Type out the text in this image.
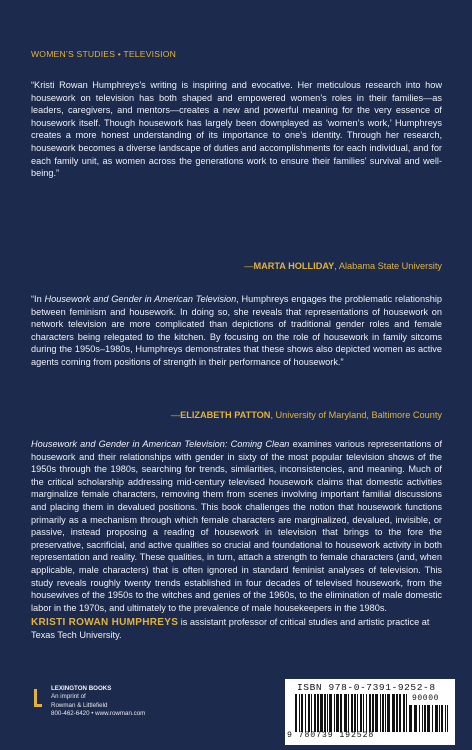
WOMEN’S STUDIES • TELEVISION

“Kristi Rowan Humphreys’s writing is inspiring and evocative. Her meticulous research into how housework on television has both shaped and empowered women’s roles in their families—as leaders, caregivers, and mentors—creates a new and powerful meaning for the very essence of housework itself. Though housework has largely been downplayed as ‘women’s work,’ Humphreys creates a more honest understanding of its importance to one’s identity. Through her research, housework becomes a diverse landscape of duties and accomplishments for each individual, and for each family unit, as women across the generations work to ensure their families’ survival and well-being.”

—MARTA HOLLIDAY, Alabama State University

“In Housework and Gender in American Television, Humphreys engages the problematic relationship between feminism and housework. In doing so, she reveals that representations of housework on network television are more complicated than depictions of traditional gender roles and female characters being relegated to the kitchen. By focusing on the role of housework in family sitcoms during the 1950s–1980s, Humphreys demonstrates that these shows also depicted women as active agents coming from positions of strength in their performance of housework.”

—ELIZABETH PATTON, University of Maryland, Baltimore County

Housework and Gender in American Television: Coming Clean examines various representations of housework and their relationships with gender in sixty of the most popular television shows of the 1950s through the 1980s, searching for trends, similarities, inconsistencies, and meaning. Much of the critical scholarship addressing mid-century televised housework claims that domestic activities marginalize female characters, removing them from scenes involving important familial discussions and placing them in devalued positions. This book challenges the notion that housework functions primarily as a mechanism through which female characters are marginalized, devalued, invisible, or passive, instead proposing a reading of housework in television that brings to the fore the preservative, sacrificial, and active qualities so crucial and foundational to housework activity in both representation and reality. These qualities, in turn, attach a strength to female characters (and, when applicable, male characters) that is often ignored in standard feminist analyses of television. This study reveals roughly twenty trends established in four decades of televised housework, from the housewives of the 1950s to the witches and genies of the 1960s, to the elimination of male domestic labor in the 1970s, and ultimately to the prevalence of male housekeepers in the 1980s.

KRISTI ROWAN HUMPHREYS is assistant professor of critical studies and artistic practice at Texas Tech University.

LEXINGTON BOOKS
An imprint of
Rowman & Littlefield
800-462-6420 • www.rowman.com
ISBN 978-0-7391-9252-8
90000
9 780739 192528
